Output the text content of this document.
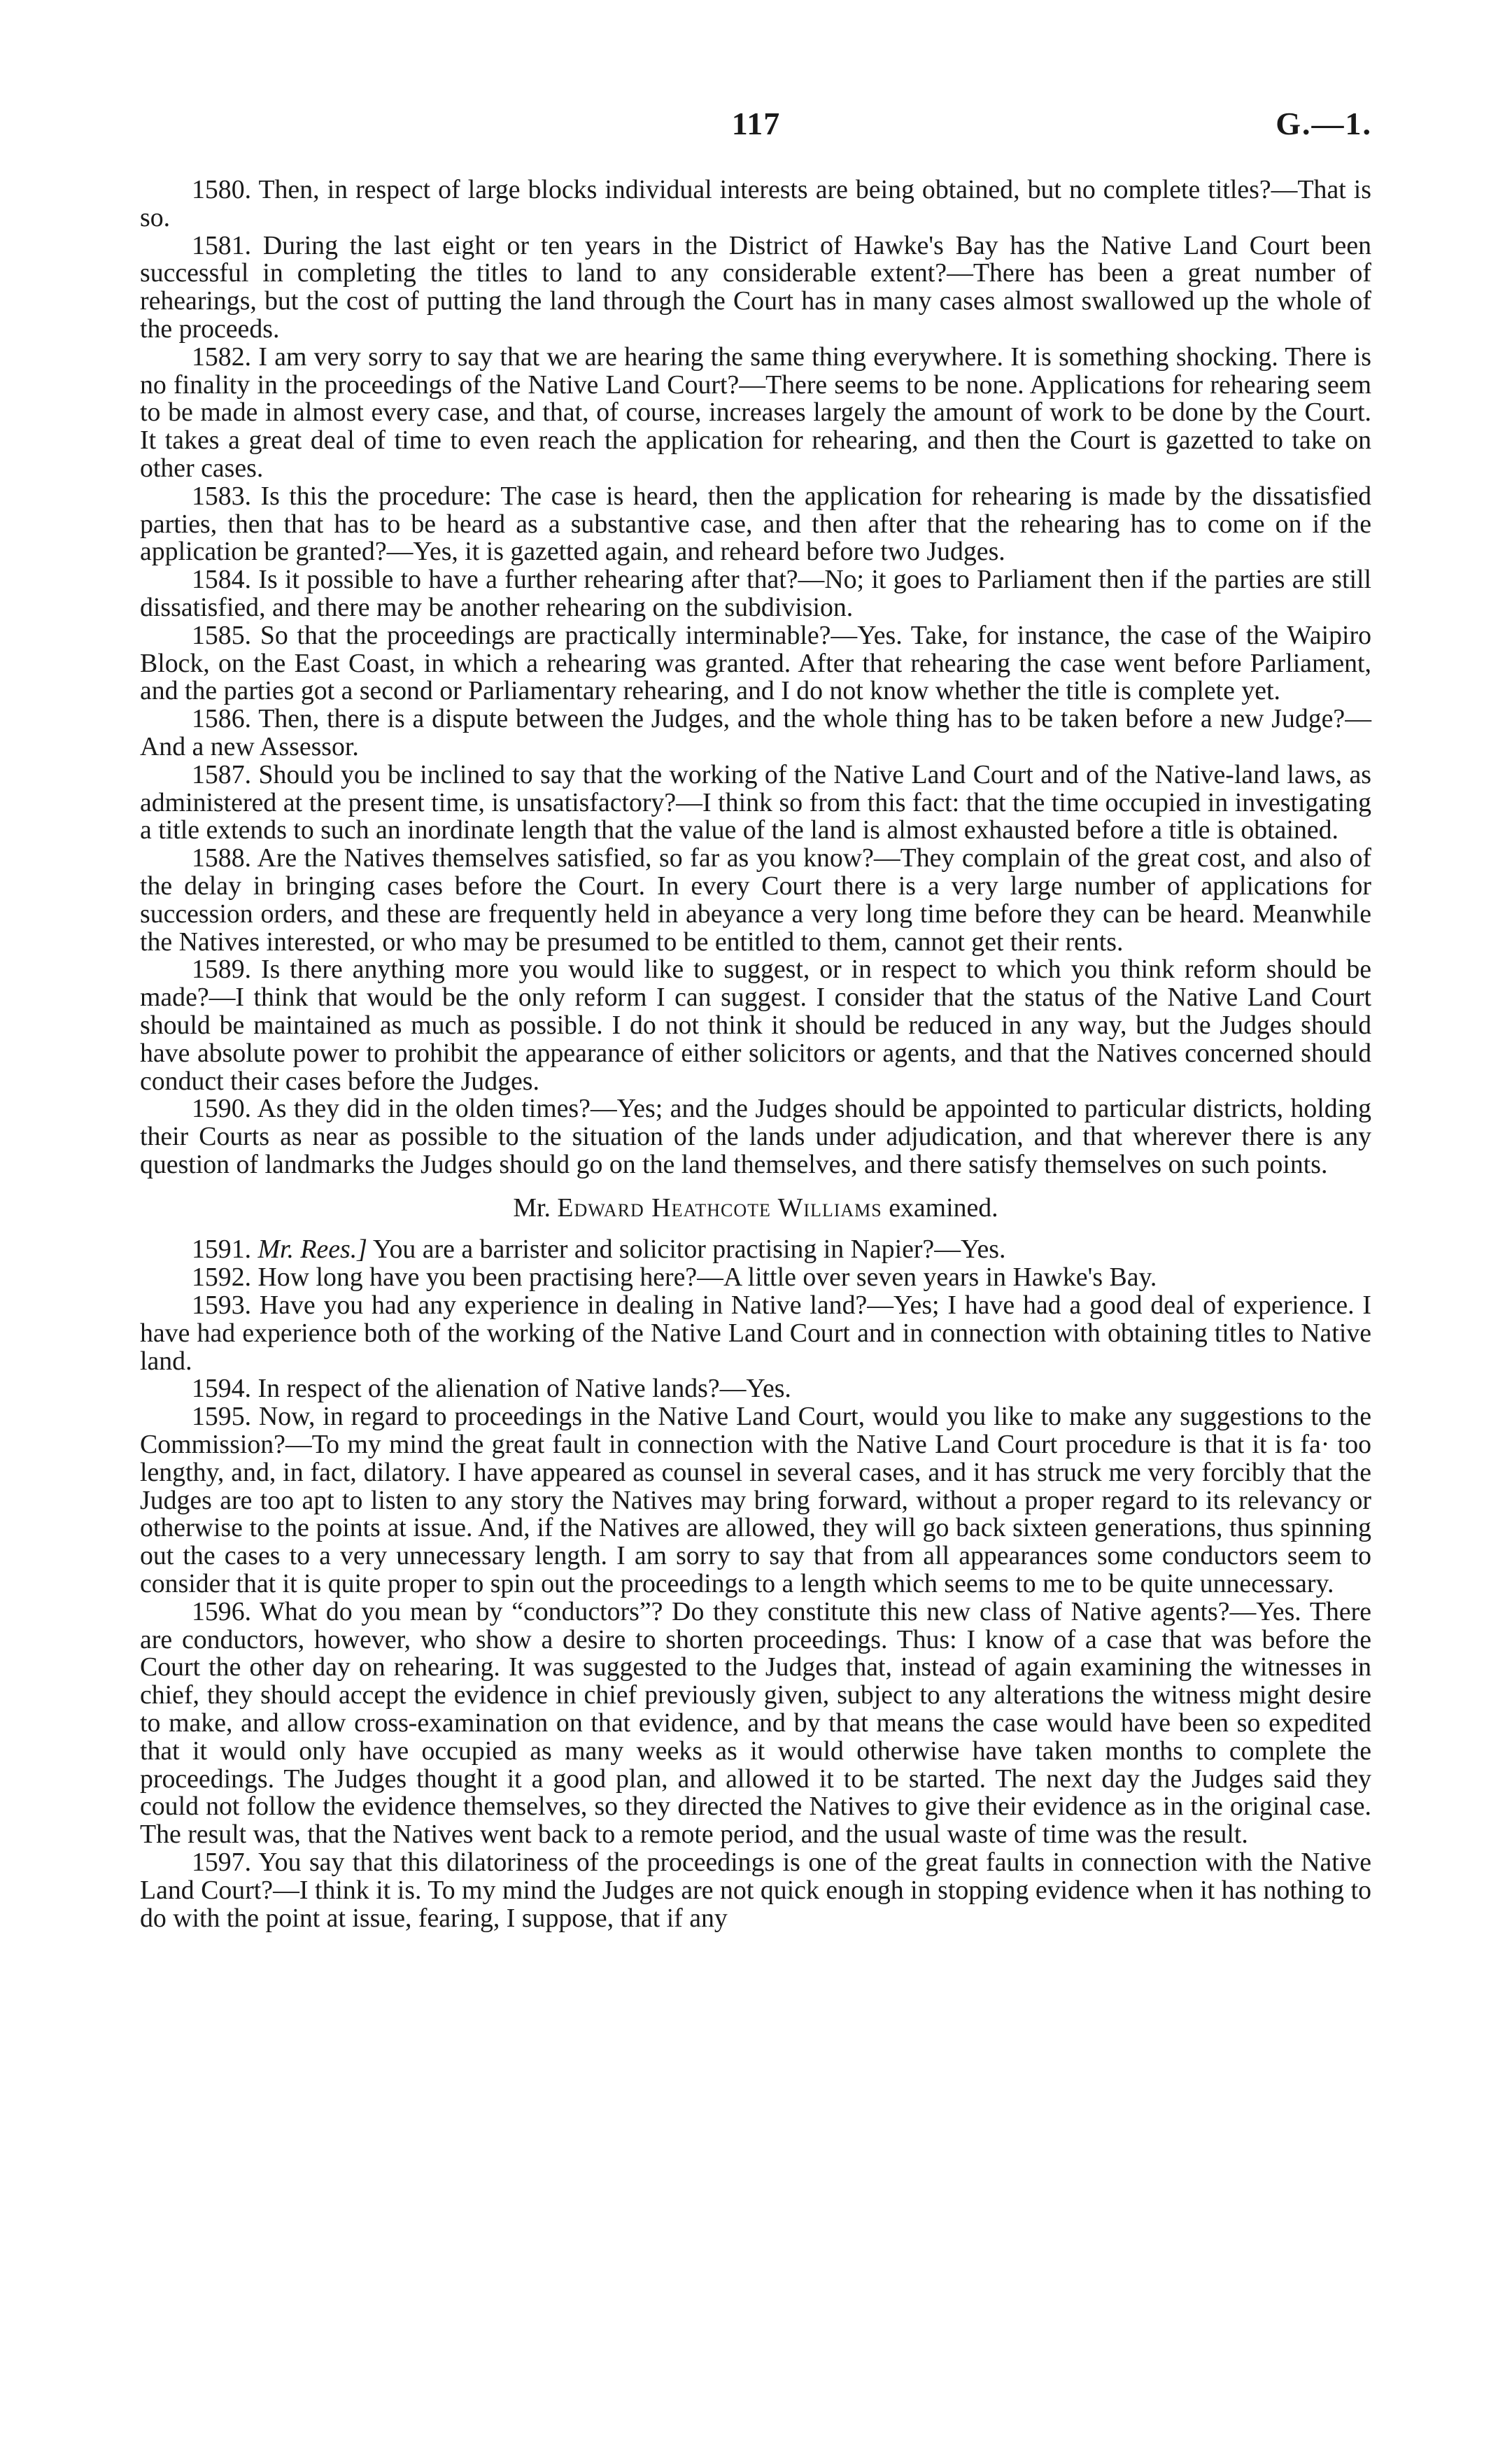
117	G.—1.

1580. Then, in respect of large blocks individual interests are being obtained, but no complete titles?—That is so.

1581. During the last eight or ten years in the District of Hawke's Bay has the Native Land Court been successful in completing the titles to land to any considerable extent?—There has been a great number of rehearings, but the cost of putting the land through the Court has in many cases almost swallowed up the whole of the proceeds.

1582. I am very sorry to say that we are hearing the same thing everywhere. It is something shocking. There is no finality in the proceedings of the Native Land Court?—There seems to be none. Applications for rehearing seem to be made in almost every case, and that, of course, increases largely the amount of work to be done by the Court. It takes a great deal of time to even reach the application for rehearing, and then the Court is gazetted to take on other cases.

1583. Is this the procedure: The case is heard, then the application for rehearing is made by the dissatisfied parties, then that has to be heard as a substantive case, and then after that the rehearing has to come on if the application be granted?—Yes, it is gazetted again, and reheard before two Judges.

1584. Is it possible to have a further rehearing after that?—No; it goes to Parliament then if the parties are still dissatisfied, and there may be another rehearing on the subdivision.

1585. So that the proceedings are practically interminable?—Yes. Take, for instance, the case of the Waipiro Block, on the East Coast, in which a rehearing was granted. After that rehearing the case went before Parliament, and the parties got a second or Parliamentary rehearing, and I do not know whether the title is complete yet.

1586. Then, there is a dispute between the Judges, and the whole thing has to be taken before a new Judge?—And a new Assessor.

1587. Should you be inclined to say that the working of the Native Land Court and of the Native-land laws, as administered at the present time, is unsatisfactory?—I think so from this fact: that the time occupied in investigating a title extends to such an inordinate length that the value of the land is almost exhausted before a title is obtained.

1588. Are the Natives themselves satisfied, so far as you know?—They complain of the great cost, and also of the delay in bringing cases before the Court. In every Court there is a very large number of applications for succession orders, and these are frequently held in abeyance a very long time before they can be heard. Meanwhile the Natives interested, or who may be presumed to be entitled to them, cannot get their rents.

1589. Is there anything more you would like to suggest, or in respect to which you think reform should be made?—I think that would be the only reform I can suggest. I consider that the status of the Native Land Court should be maintained as much as possible. I do not think it should be reduced in any way, but the Judges should have absolute power to prohibit the appearance of either solicitors or agents, and that the Natives concerned should conduct their cases before the Judges.

1590. As they did in the olden times?—Yes; and the Judges should be appointed to particular districts, holding their Courts as near as possible to the situation of the lands under adjudication, and that wherever there is any question of landmarks the Judges should go on the land themselves, and there satisfy themselves on such points.

Mr. Edward Heathcote Williams examined.

1591. Mr. Rees.] You are a barrister and solicitor practising in Napier?—Yes.

1592. How long have you been practising here?—A little over seven years in Hawke's Bay.

1593. Have you had any experience in dealing in Native land?—Yes; I have had a good deal of experience. I have had experience both of the working of the Native Land Court and in connection with obtaining titles to Native land.

1594. In respect of the alienation of Native lands?—Yes.

1595. Now, in regard to proceedings in the Native Land Court, would you like to make any suggestions to the Commission?—To my mind the great fault in connection with the Native Land Court procedure is that it is fa· too lengthy, and, in fact, dilatory. I have appeared as counsel in several cases, and it has struck me very forcibly that the Judges are too apt to listen to any story the Natives may bring forward, without a proper regard to its relevancy or otherwise to the points at issue. And, if the Natives are allowed, they will go back sixteen generations, thus spinning out the cases to a very unnecessary length. I am sorry to say that from all appearances some conductors seem to consider that it is quite proper to spin out the proceedings to a length which seems to me to be quite unnecessary.

1596. What do you mean by “conductors”? Do they constitute this new class of Native agents?—Yes. There are conductors, however, who show a desire to shorten proceedings. Thus: I know of a case that was before the Court the other day on rehearing. It was suggested to the Judges that, instead of again examining the witnesses in chief, they should accept the evidence in chief previously given, subject to any alterations the witness might desire to make, and allow cross-examination on that evidence, and by that means the case would have been so expedited that it would only have occupied as many weeks as it would otherwise have taken months to complete the proceedings. The Judges thought it a good plan, and allowed it to be started. The next day the Judges said they could not follow the evidence themselves, so they directed the Natives to give their evidence as in the original case. The result was, that the Natives went back to a remote period, and the usual waste of time was the result.

1597. You say that this dilatoriness of the proceedings is one of the great faults in connection with the Native Land Court?—I think it is. To my mind the Judges are not quick enough in stopping evidence when it has nothing to do with the point at issue, fearing, I suppose, that if any
